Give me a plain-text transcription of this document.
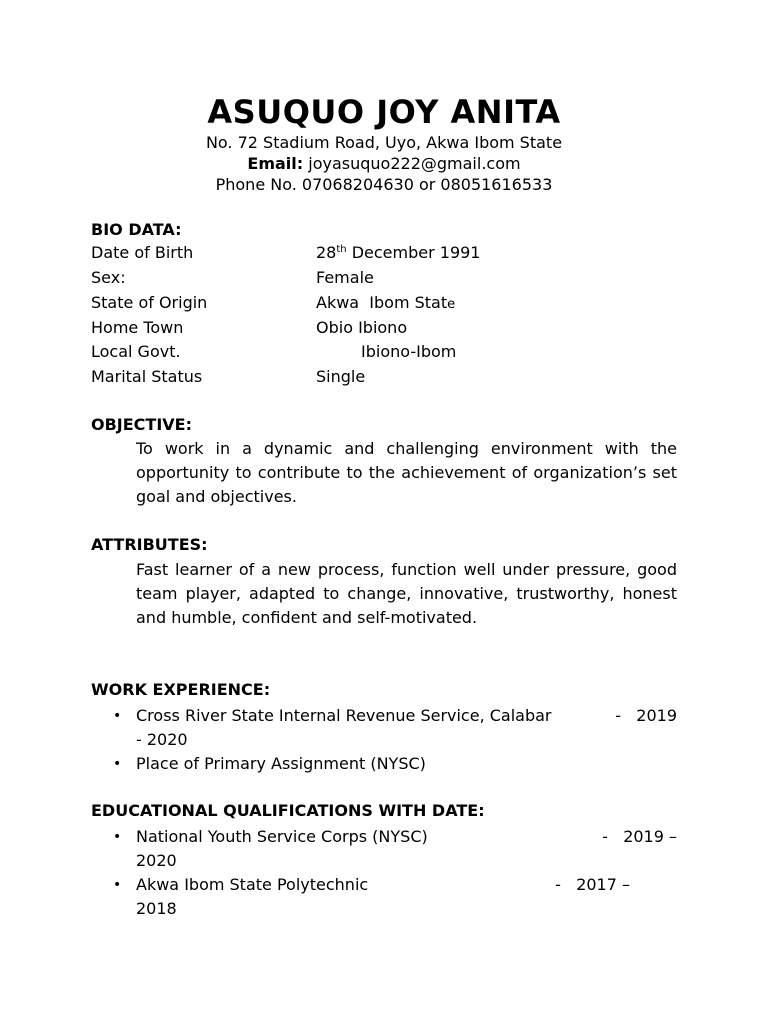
ASUQUO JOY ANITA
No. 72 Stadium Road, Uyo, Akwa Ibom State
Email: joyasuquo222@gmail.com
Phone No. 07068204630 or 08051616533
BIO DATA:
Date of Birth	28th December 1991
Sex:	Female
State of Origin	Akwa  Ibom State
Home Town	Obio Ibiono
Local Govt.	Ibiono-Ibom
Marital Status	Single
OBJECTIVE:
To work in a dynamic and challenging environment with the opportunity to contribute to the achievement of organization’s set goal and objectives.
ATTRIBUTES:
Fast learner of a new process, function well under pressure, good team player, adapted to change, innovative, trustworthy, honest and humble, confident and self-motivated.
WORK EXPERIENCE:
• Cross River State Internal Revenue Service, Calabar	-   2019
- 2020
• Place of Primary Assignment (NYSC)
EDUCATIONAL QUALIFICATIONS WITH DATE:
• National Youth Service Corps (NYSC)	-   2019 –
2020
• Akwa Ibom State Polytechnic	-   2017 –
2018
